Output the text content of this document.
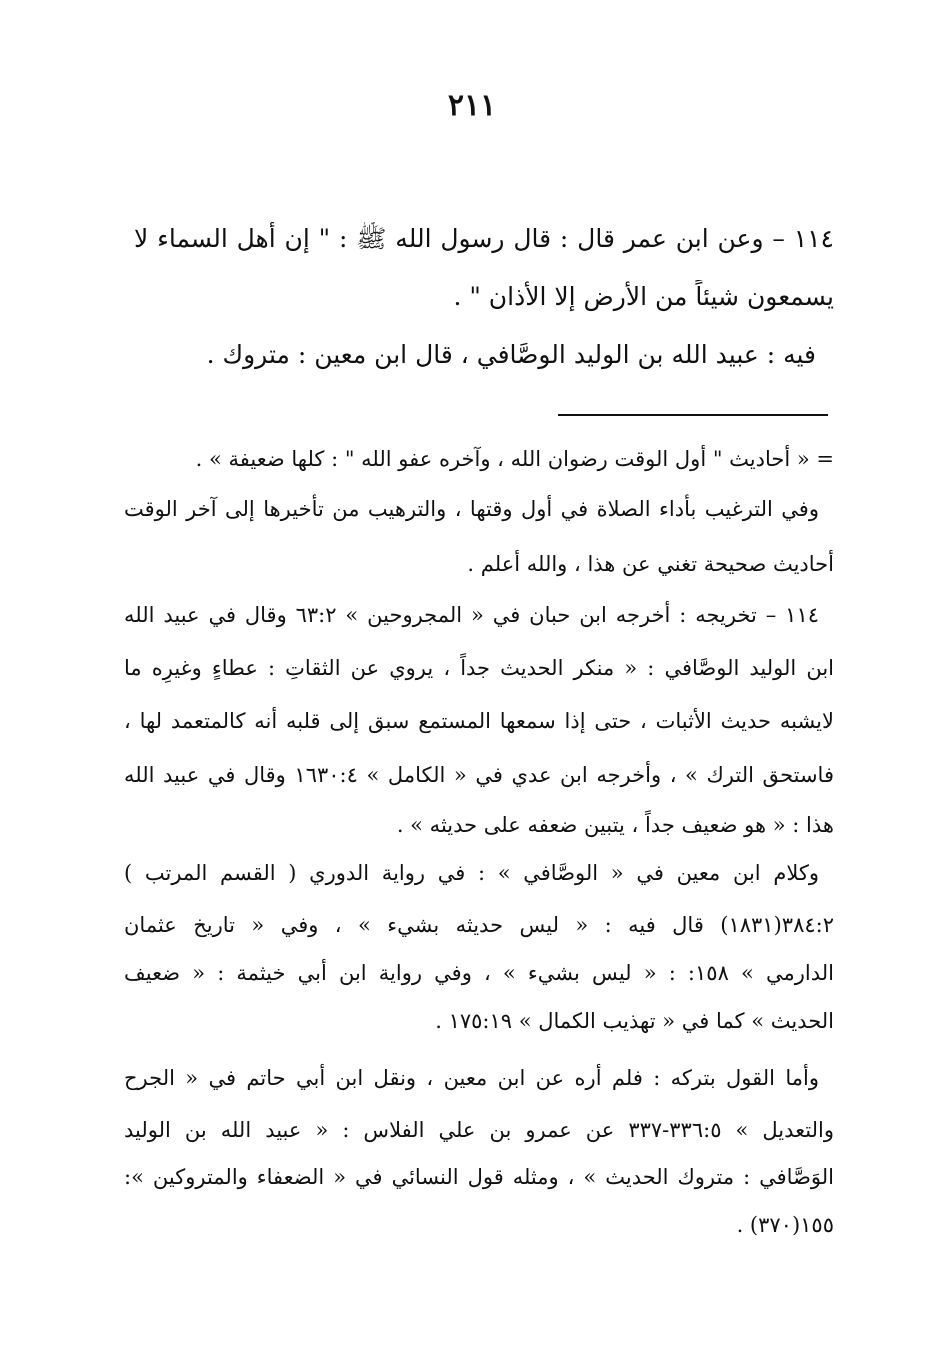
٢١١
١١٤ – وعن ابن عمر قال : قال رسول الله ﷺ : " إن أهل السماء لا
يسمعون شيئاً من الأرض إلا الأذان " .
فيه : عبيد الله بن الوليد الوصَّافي ، قال ابن معين : متروك .
= « أحاديث " أول الوقت رضوان الله ، وآخره عفو الله " : كلها ضعيفة » .
وفي الترغيب بأداء الصلاة في أول وقتها ، والترهيب من تأخيرها إلى آخر الوقت
أحاديث صحيحة تغني عن هذا ، والله أعلم .
١١٤ – تخريجه : أخرجه ابن حبان في « المجروحين » ٦٣:٢ وقال في عبيد الله
ابن الوليد الوصَّافي : « منكر الحديث جداً ، يروي عن الثقاتِ : عطاءٍ وغيرِه ما
لايشبه حديث الأثبات ، حتى إذا سمعها المستمع سبق إلى قلبه أنه كالمتعمد لها ،
فاستحق الترك » ، وأخرجه ابن عدي في « الكامل » ١٦٣٠:٤ وقال في عبيد الله
هذا : « هو ضعيف جداً ، يتبين ضعفه على حديثه » .
وكلام ابن معين في « الوصَّافي » : في رواية الدوري ( القسم المرتب )
٣٨٤:٢(١٨٣١) قال فيه : « ليس حديثه بشيء » ، وفي « تاريخ عثمان
الدارمي » ١٥٨: : « ليس بشيء » ، وفي رواية ابن أبي خيثمة : « ضعيف
الحديث » كما في « تهذيب الكمال » ١٧٥:١٩ .
وأما القول بتركه : فلم أره عن ابن معين ، ونقل ابن أبي حاتم في « الجرح
والتعديل » ٣٣٦:٥-٣٣٧ عن عمرو بن علي الفلاس : « عبيد الله بن الوليد
الوَصَّافي : متروك الحديث » ، ومثله قول النسائي في « الضعفاء والمتروكين »:
١٥٥(٣٧٠) .
